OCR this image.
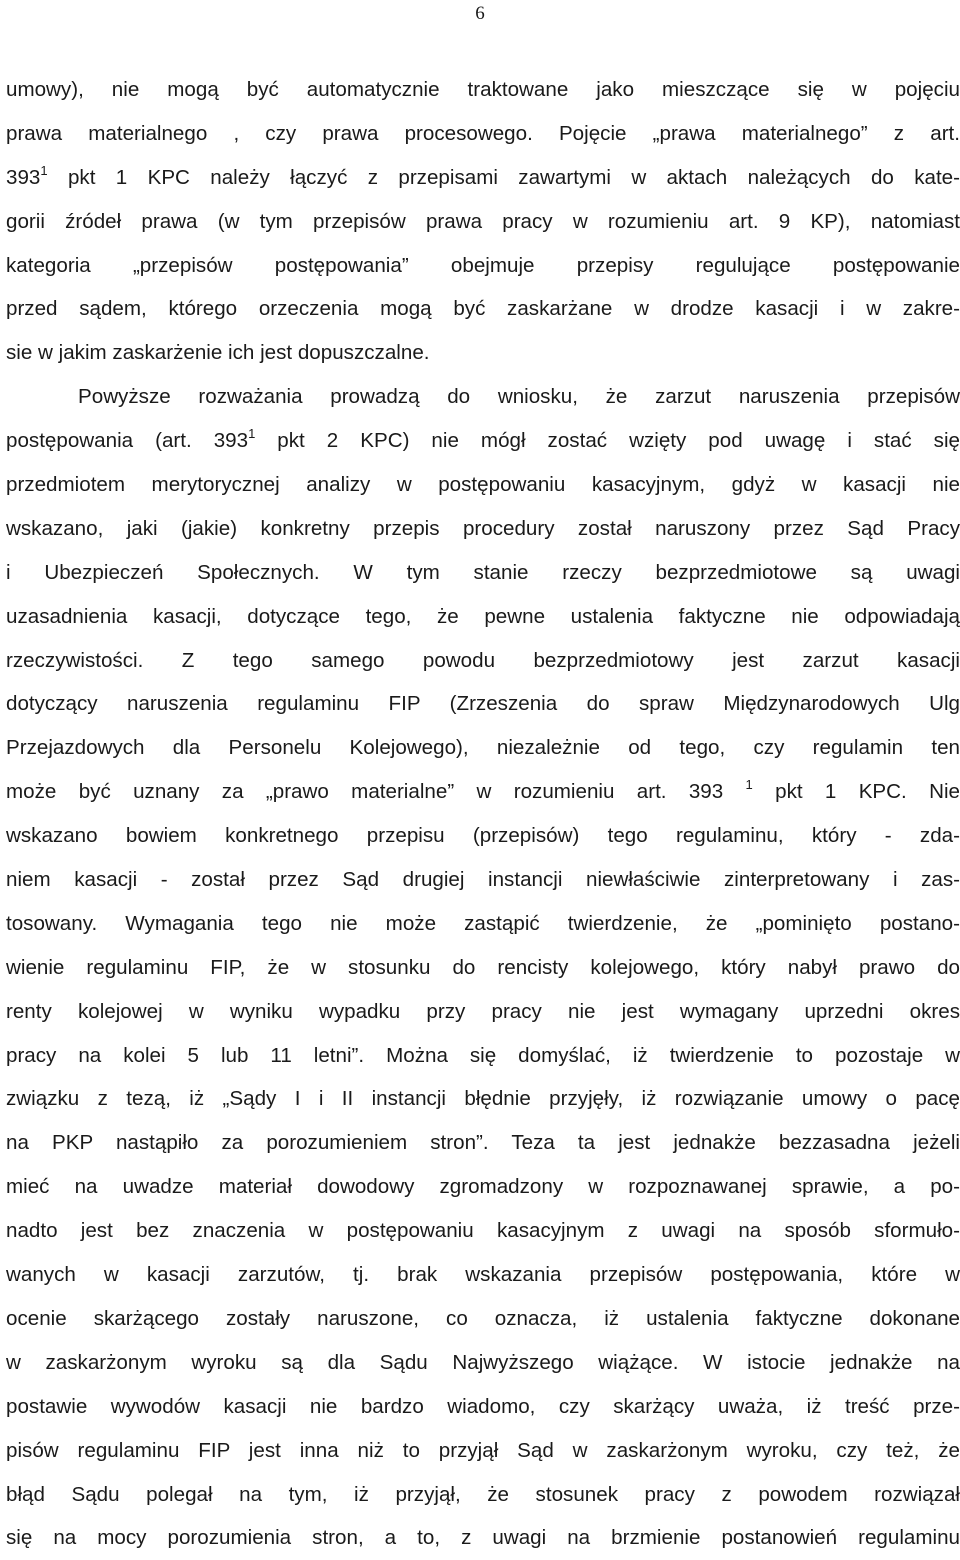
6
umowy), nie mogą być automatycznie traktowane jako mieszczące się w pojęciu
prawa materialnego , czy prawa procesowego. Pojęcie „prawa materialnego” z art.
$393^1$ pkt 1 KPC należy łączyć z przepisami zawartymi w aktach należących do kate-
gorii źródeł prawa (w tym przepisów prawa pracy w rozumieniu art. 9 KP), natomiast
kategoria „przepisów postępowania” obejmuje przepisy regulujące postępowanie
przed sądem, którego orzeczenia mogą być zaskarżane w drodze kasacji i w zakre-
sie w jakim zaskarżenie ich jest dopuszczalne.
Powyższe rozważania prowadzą do wniosku, że zarzut naruszenia przepisów
postępowania (art. $393^1$ pkt 2 KPC) nie mógł zostać wzięty pod uwagę i stać się
przedmiotem merytorycznej analizy w postępowaniu kasacyjnym, gdyż w kasacji nie
wskazano, jaki (jakie) konkretny przepis procedury został naruszony przez Sąd Pracy
i Ubezpieczeń Społecznych. W tym stanie rzeczy bezprzedmiotowe są uwagi
uzasadnienia kasacji, dotyczące tego, że pewne ustalenia faktyczne nie odpowiadają
rzeczywistości. Z tego samego powodu bezprzedmiotowy jest zarzut kasacji
dotyczący naruszenia regulaminu FIP (Zrzeszenia do spraw Międzynarodowych Ulg
Przejazdowych dla Personelu Kolejowego), niezależnie od tego, czy regulamin ten
może być uznany za „prawo materialne” w rozumieniu art. 393 $^1$ pkt 1 KPC. Nie
wskazano bowiem konkretnego przepisu (przepisów) tego regulaminu, który - zda-
niem kasacji - został przez Sąd drugiej instancji niewłaściwie zinterpretowany i zas-
tosowany. Wymagania tego nie może zastąpić twierdzenie, że „pominięto postano-
wienie regulaminu FIP, że w stosunku do rencisty kolejowego, który nabył prawo do
renty kolejowej w wyniku wypadku przy pracy nie jest wymagany uprzedni okres
pracy na kolei 5 lub 11 letni”. Można się domyślać, iż twierdzenie to pozostaje w
związku z tezą, iż „Sądy I i II instancji błędnie przyjęły, iż rozwiązanie umowy o pacę
na PKP nastąpiło za porozumieniem stron”. Teza ta jest jednakże bezzasadna jeżeli
mieć na uwadze materiał dowodowy zgromadzony w rozpoznawanej sprawie, a po-
nadto jest bez znaczenia w postępowaniu kasacyjnym z uwagi na sposób sformuło-
wanych w kasacji zarzutów, tj. brak wskazania przepisów postępowania, które w
ocenie skarżącego zostały naruszone, co oznacza, iż ustalenia faktyczne dokonane
w zaskarżonym wyroku są dla Sądu Najwyższego wiążące. W istocie jednakże na
postawie wywodów kasacji nie bardzo wiadomo, czy skarżący uważa, iż treść prze-
pisów regulaminu FIP jest inna niż to przyjął Sąd w zaskarżonym wyroku, czy też, że
błąd Sądu polegał na tym, iż przyjął, że stosunek pracy z powodem rozwiązał
się na mocy porozumienia stron, a to, z uwagi na brzmienie postanowień regulaminu
